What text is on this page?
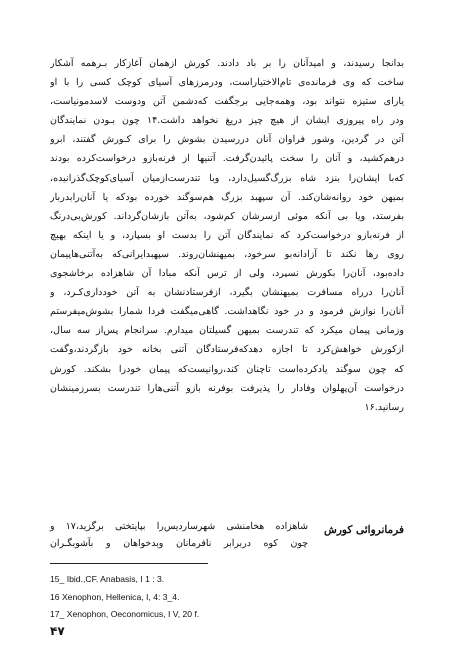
بدانجا رسیدند، و امیدآنان را بر باد دادند. کورش ازهمان آغازکار بـرهمه آشکار
ساخت که وی فرمانده‌ی تام‌الاختیاراست، ودرمرزهای آسیای کوچک کسی را با او
یارای ستیزه نتواند بود، وهمه‌جایی برجگفت که‌دشمن آتن ودوست لاسدمونیاست،
ودر راه پیروزی ایشان از هیچ چیز دریغ نخواهد داشت.۱۴ چون بـودن نمایندگان
آتن در گردین، وشور فراوان آنان دررسیدن بشوش را برای کـورش گفتند، ابرو
درهم‌کشید، و آنان را سخت پائیدن‌گرفت. آتنیها از فرنه‌بازو درخواست‌کرده بودند
که‌با ایشان‌را بنزد شاه بزرگ‌گسیل‌دارد، وبا تندرست‌ازمیان آسیای‌کوچک‌گذرانیده،
بمیهن خود روانه‌شان‌کند. آن سپهبد بزرگ هم‌سوگند خورده بودکه یا آنان‌را‌بدربار
بفرستد، ویا بی آنکه موئی ازسرشان کم‌شود، به‌آتن بازشان‌گرداند. کورش‌بی‌درنگ
از فرنه‌بازو درخواست‌کرد که نمایندگان آتن را بدست او بسپارد، و یا اینکه بهیچ
روی رها نکند تا آزادانه‌بو سرخود، بمیهنشان‌روند. سپهبدایرانی‌که به‌آتنی‌هاپیمان
داده‌بود، آنان‌را بکورش نسپرد، ولی از ترس آنکه مبادا آن شاهزاده برخاشجوی
آنان‌را درراه مسافرت بمیهنشان بگیرد، ازفرستادنشان به آتن خودداری‌کـرد، و
آنان‌را نوازش فرمود و در خود نگاهداشت. گاهی‌میگفت فردا شمارا بشوش‌میفرستم
وزمانی پیمان میکرد که تندرست بمیهن گسیلتان میدارم. سرانجام پس‌از سه سال،
ازکورش خواهش‌کرد تا اجازه دهدکه‌فرستادگان آتنی بخانه خود بازگردند،و‌گفت
که چون سوگند یادکرده‌است تاچنان کند،روانیست‌که پیمان خودرا بشکند. کورش
درخواست آن‌پهلوان وفادار را پذیرفت بوفرنه بازو آتنی‌هارا تندرست بسرزمینشان
رسانید.۱۶
فرمانروائی کورش
شاهزاده هخامنشی شهرساردیس‌را بپایتختی برگزید،۱۷ و
چون کوه دربرابر نافرمانان وبدخواهان و بآشوبگـران
15_ Ibid.,CF. Anabasis, I 1 : 3.
16 Xenophon, Hellenica, I, 4: 3_4.
17_ Xenophon, Oeconomicus, I V, 20 f.
۴۷
